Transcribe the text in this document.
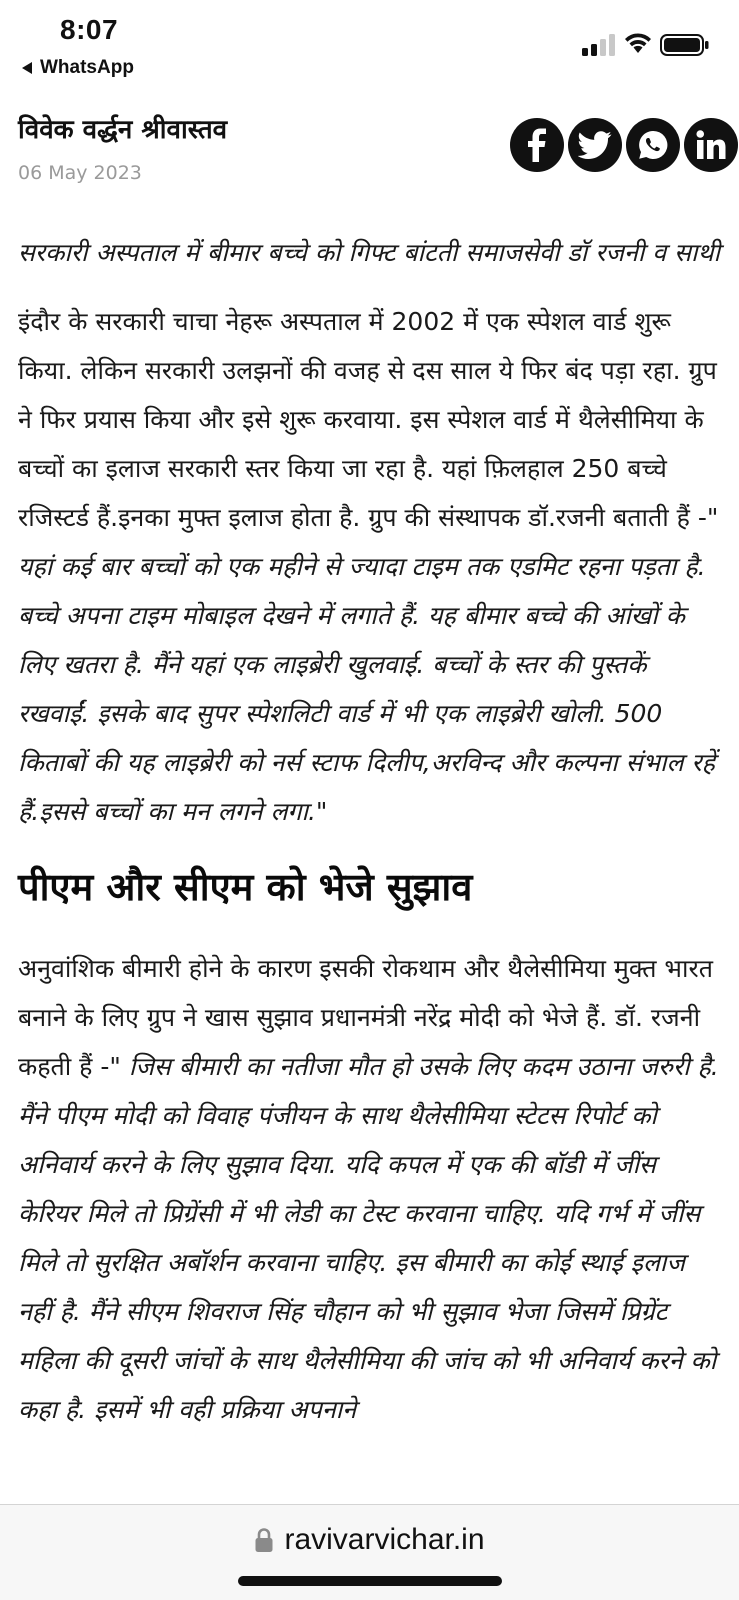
8:07
WhatsApp
विवेक वर्द्धन श्रीवास्तव
06 May 2023

सरकारी अस्पताल में बीमार बच्चे को गिफ्ट बांटती समाजसेवी डॉ रजनी व साथी

इंदौर के सरकारी चाचा नेहरू अस्पताल में 2002 में एक स्पेशल वार्ड शुरू किया. लेकिन सरकारी उलझनों की वजह से दस साल ये फिर बंद पड़ा रहा. ग्रुप ने फिर प्रयास किया और इसे शुरू करवाया. इस स्पेशल वार्ड में थैलेसीमिया के बच्चों का इलाज सरकारी स्तर किया जा रहा है. यहां फ़िलहाल 250 बच्चे रजिस्टर्ड हैं.इनका मुफ्त इलाज होता है. ग्रुप की संस्थापक डॉ.रजनी बताती हैं -" यहां कई बार बच्चों को एक महीने से ज्यादा टाइम तक एडमिट रहना पड़ता है. बच्चे अपना टाइम मोबाइल देखने में लगाते हैं. यह बीमार बच्चे की आंखों के लिए खतरा है. मैंने यहां एक लाइब्रेरी खुलवाई. बच्चों के स्तर की पुस्तकें रखवाईं. इसके बाद सुपर स्पेशलिटी वार्ड में भी एक लाइब्रेरी खोली. 500 किताबों की यह लाइब्रेरी को नर्स स्टाफ दिलीप,अरविन्द और कल्पना संभाल रहें हैं.इससे बच्चों का मन लगने लगा."

पीएम और सीएम को भेजे सुझाव

अनुवांशिक बीमारी होने के कारण इसकी रोकथाम और थैलेसीमिया मुक्त भारत बनाने के लिए ग्रुप ने खास सुझाव प्रधानमंत्री नरेंद्र मोदी को भेजे हैं. डॉ. रजनी कहती हैं -" जिस बीमारी का नतीजा मौत हो उसके लिए कदम उठाना जरुरी है. मैंने पीएम मोदी को विवाह पंजीयन के साथ थैलेसीमिया स्टेटस रिपोर्ट को अनिवार्य करने के लिए सुझाव दिया. यदि कपल में एक की बॉडी में जींस केरियर मिले तो प्रिग्रेंसी में भी लेडी का टेस्ट करवाना चाहिए. यदि गर्भ में जींस मिले तो सुरक्षित अबॉर्शन करवाना चाहिए. इस बीमारी का कोई स्थाई इलाज नहीं है. मैंने सीएम शिवराज सिंह चौहान को भी सुझाव भेजा जिसमें प्रिग्रेंट महिला की दूसरी जांचों के साथ थैलेसीमिया की जांच को भी अनिवार्य करने को कहा है. इसमें भी वही प्रक्रिया अपनाने

ravivarvichar.in
